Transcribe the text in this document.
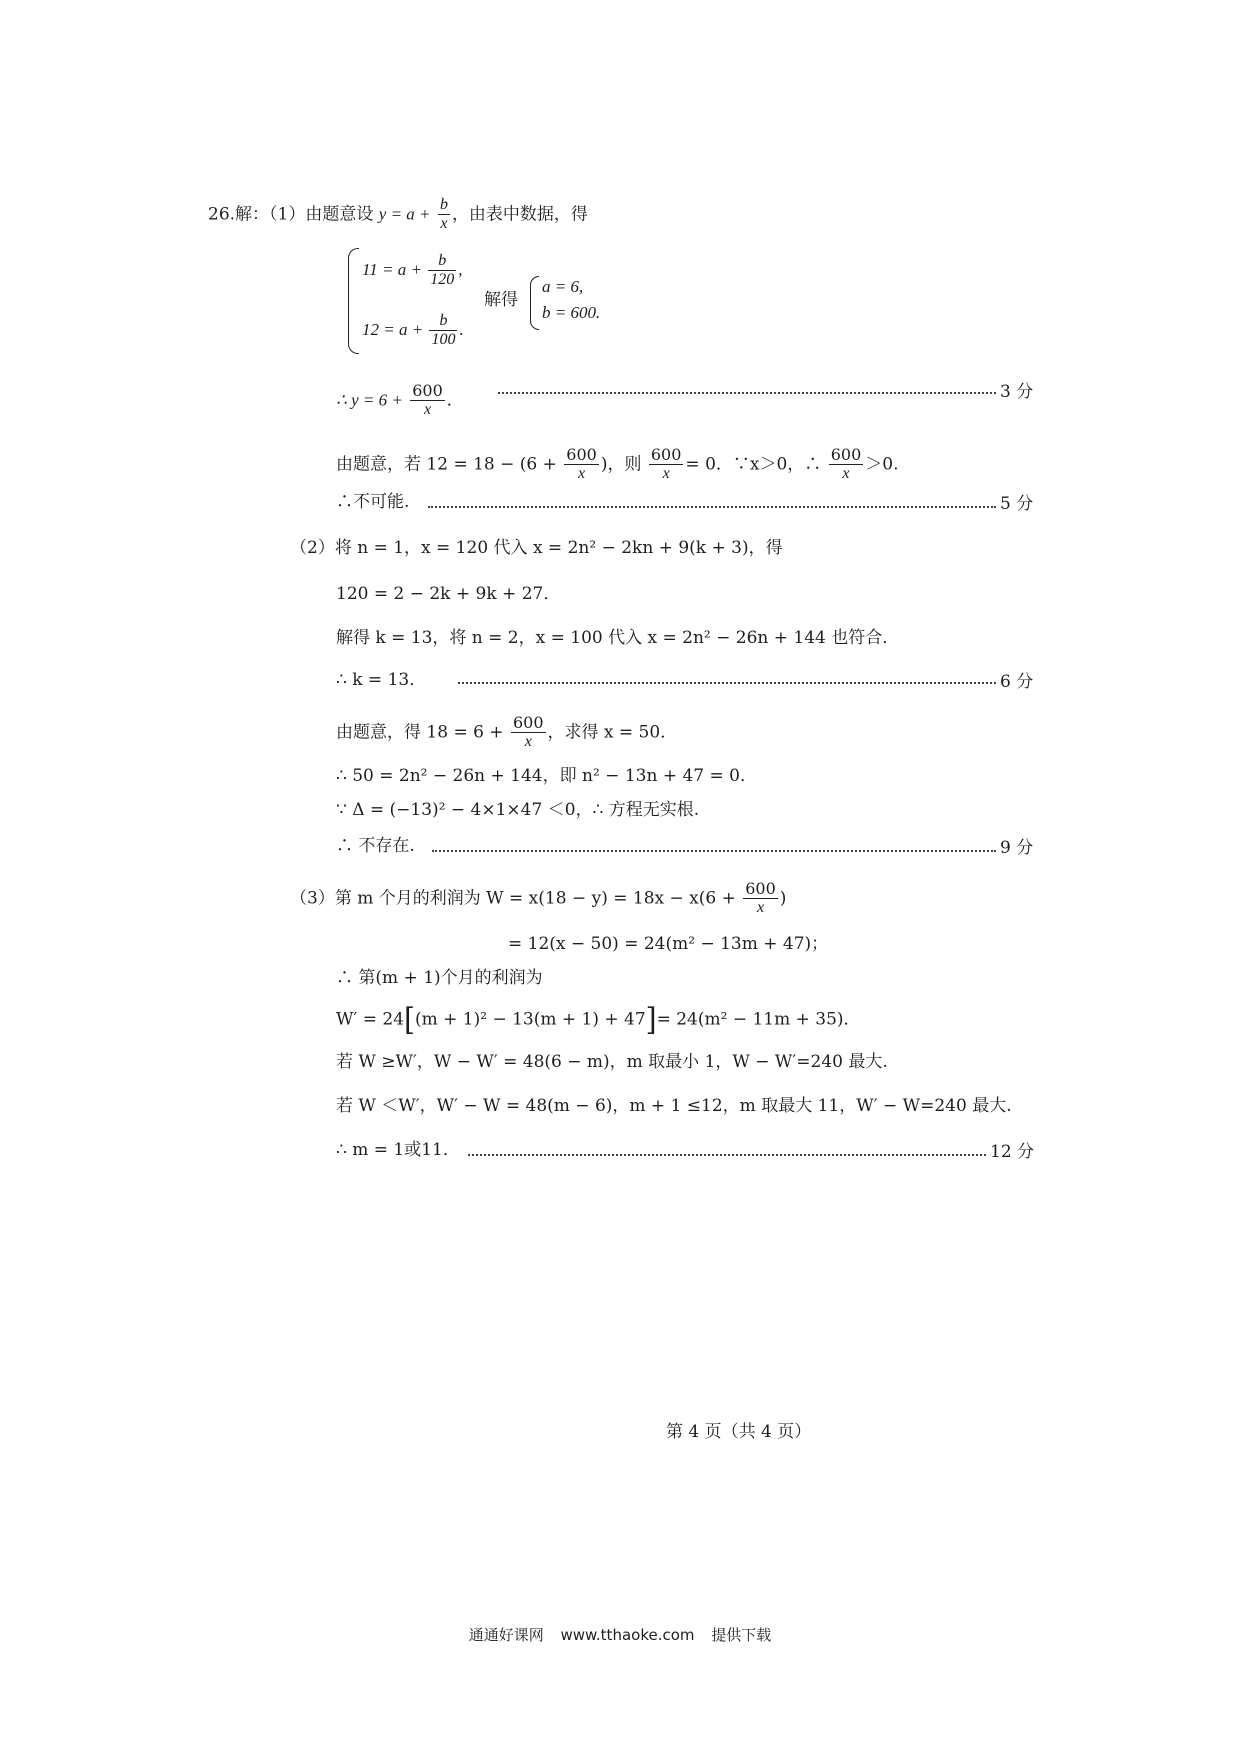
26.解：（1）由题意设 $y = a + \frac{b}{x}$ ，由表中数据，得
$11 = a + \frac{b}{120}$ ,
$12 = a + \frac{b}{100}$ .
解得
a = 6,
b = 600.
∴ $y = 6 + \frac{600}{x}$ ．	3 分
由题意，若 $12 = 18 - (6 + \frac{600}{x}$ )，则 $\frac{600}{x} = 0$．∵x＞0，∴ $\frac{600}{x} >0$.
∴不可能.	5 分
（2）将 n = 1，x = 120 代入 x = 2n² − 2kn + 9(k + 3)，得
120 = 2 − 2k + 9k + 27．
解得 k = 13，将 n = 2，x = 100 代入 x = 2n² − 26n + 144 也符合．
∴ k = 13．	6 分
由题意，得 $18 = 6 + \frac{600}{x}$ ，求得 x = 50．
∴ 50 = 2n² − 26n + 144，即 n² − 13n + 47 = 0．
∵ Δ = (−13)² − 4×1×47 ＜0，∴ 方程无实根.
∴ 不存在.	9 分
（3）第 m 个月的利润为 $W = x(18 - y) = 18x - x(6 + \frac{600}{x}$ )
= 12(x − 50) = 24(m² − 13m + 47)；
∴ 第(m + 1)个月的利润为
W′ = 24[(m + 1)² − 13(m + 1) + 47]= 24(m² − 11m + 35)．
若 W ≥W′，W − W′ = 48(6 − m)，m 取最小 1，W − W′=240 最大.
若 W ＜W′，W′ − W = 48(m − 6)，m + 1 ≤12，m 取最大 11，W′ − W=240 最大.
∴ m = 1或11．	12 分
第 4 页（共 4 页）
通通好课网 www.tthaoke.com 提供下载
